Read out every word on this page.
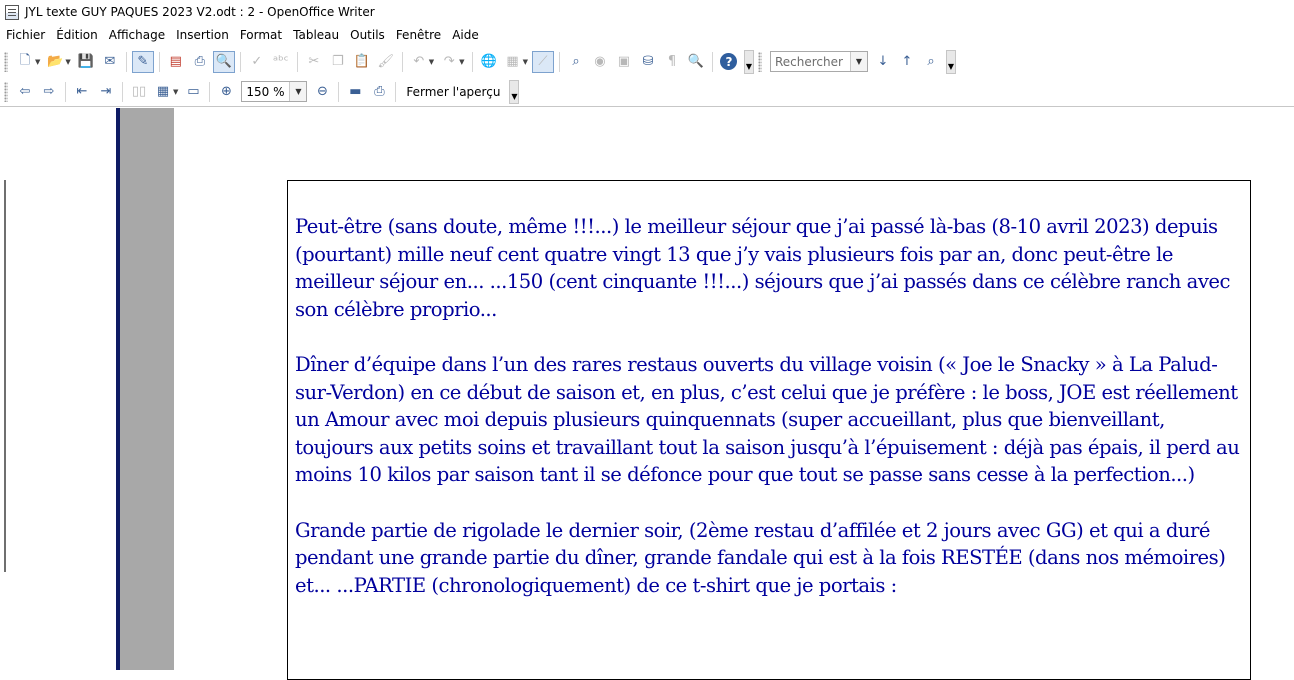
JYL texte GUY PAQUES 2023 V2.odt : 2 - OpenOffice Writer
Fichier Édition Affichage Insertion Format Tableau Outils Fenêtre Aide
🗋 ▼ 📂 ▼ 💾 ✉	✎	▤ ⎙ 🔍	✓ ᵃᵇᶜ	✂ ❐ 📋 🖌	↶ ▼ ↷ ▼ 🌐 ▦ ▼ ⟋	⌕	◉ ▣ ⛁	¶ 🔍	?	▼	Rechercher	▼	↓	↑	⌕	▼
⇦	⇨	⇤	⇥	▯▯ ▦ ▼ ▭	⊕	150 %	▼	⊖	▬ ⎙	Fermer l'aperçu	▼

Peut-être (sans doute, même !!!...) le meilleur séjour que j’ai passé là-bas (8-10 avril 2023) depuis (pourtant) mille neuf cent quatre vingt 13 que j’y vais plusieurs fois par an, donc peut-être le meilleur séjour en... ...150 (cent cinquante !!!...) séjours que j’ai passés dans ce célèbre ranch avec son célèbre proprio...

Dîner d’équipe dans l’un des rares restaus ouverts du village voisin (« Joe le Snacky » à La Palud-sur-Verdon) en ce début de saison et, en plus, c’est celui que je préfère : le boss, JOE est réellement un Amour avec moi depuis plusieurs quinquennats (super accueillant, plus que bienveillant, toujours aux petits soins et travaillant tout la saison jusqu’à l’épuisement : déjà pas épais, il perd au moins 10 kilos par saison tant il se défonce pour que tout se passe sans cesse à la perfection...)

Grande partie de rigolade le dernier soir, (2ème restau d’affilée et 2 jours avec GG) et qui a duré pendant une grande partie du dîner, grande fandale qui est à la fois RESTÉE (dans nos mémoires) et... ...PARTIE (chronologiquement) de ce t-shirt que je portais :
